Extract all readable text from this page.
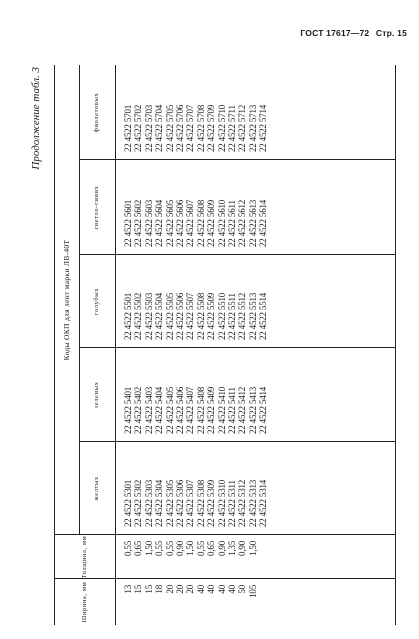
ГОСТ 17617—72 Стр. 15
Продолжение табл. 3
Ширина, мм
Толщина, мм
Коды ОКП для лент марки ЛВ-40Т
желтых
зеленых
голубых
светло-синих
фиолетовых
13 15 15 18 20 20 20 40 40 40 40 50 105
0,55 0,65 1,50 0,55 0,55 0,90 1,50 0,55 0,65 0,90 1,35 0,90 1,50
22 4522 5301 22 4522 5302 22 4522 5303 22 4522 5304 22 4522 5305 22 4522 5306 22 4522 5307 22 4522 5308 22 4522 5309 22 4522 5310 22 4522 5311 22 4522 5312 22 4522 5313 22 4522 5314
22 4522 5401 22 4522 5402 22 4522 5403 22 4522 5404 22 4522 5405 22 4522 5406 22 4522 5407 22 4522 5408 22 4522 5409 22 4522 5410 22 4522 5411 22 4522 5412 22 4522 5413 22 4522 5414
22 4522 5501 22 4522 5502 22 4522 5503 22 4522 5504 22 4522 5505 22 4522 5506 22 4522 5507 22 4522 5508 22 4522 5509 22 4522 5510 22 4522 5511 22 4522 5512 22 4522 5513 22 4522 5514
22 4522 5601 22 4522 5602 22 4522 5603 22 4522 5604 22 4522 5605 22 4522 5606 22 4522 5607 22 4522 5608 22 4522 5609 22 4522 5610 22 4522 5611 22 4522 5612 22 4522 5613 22 4522 5614
22 4522 5701 22 4522 5702 22 4522 5703 22 4522 5704 22 4522 5705 22 4522 5706 22 4522 5707 22 4522 5708 22 4522 5709 22 4522 5710 22 4522 5711 22 4522 5712 22 4522 5713 22 4522 5714
